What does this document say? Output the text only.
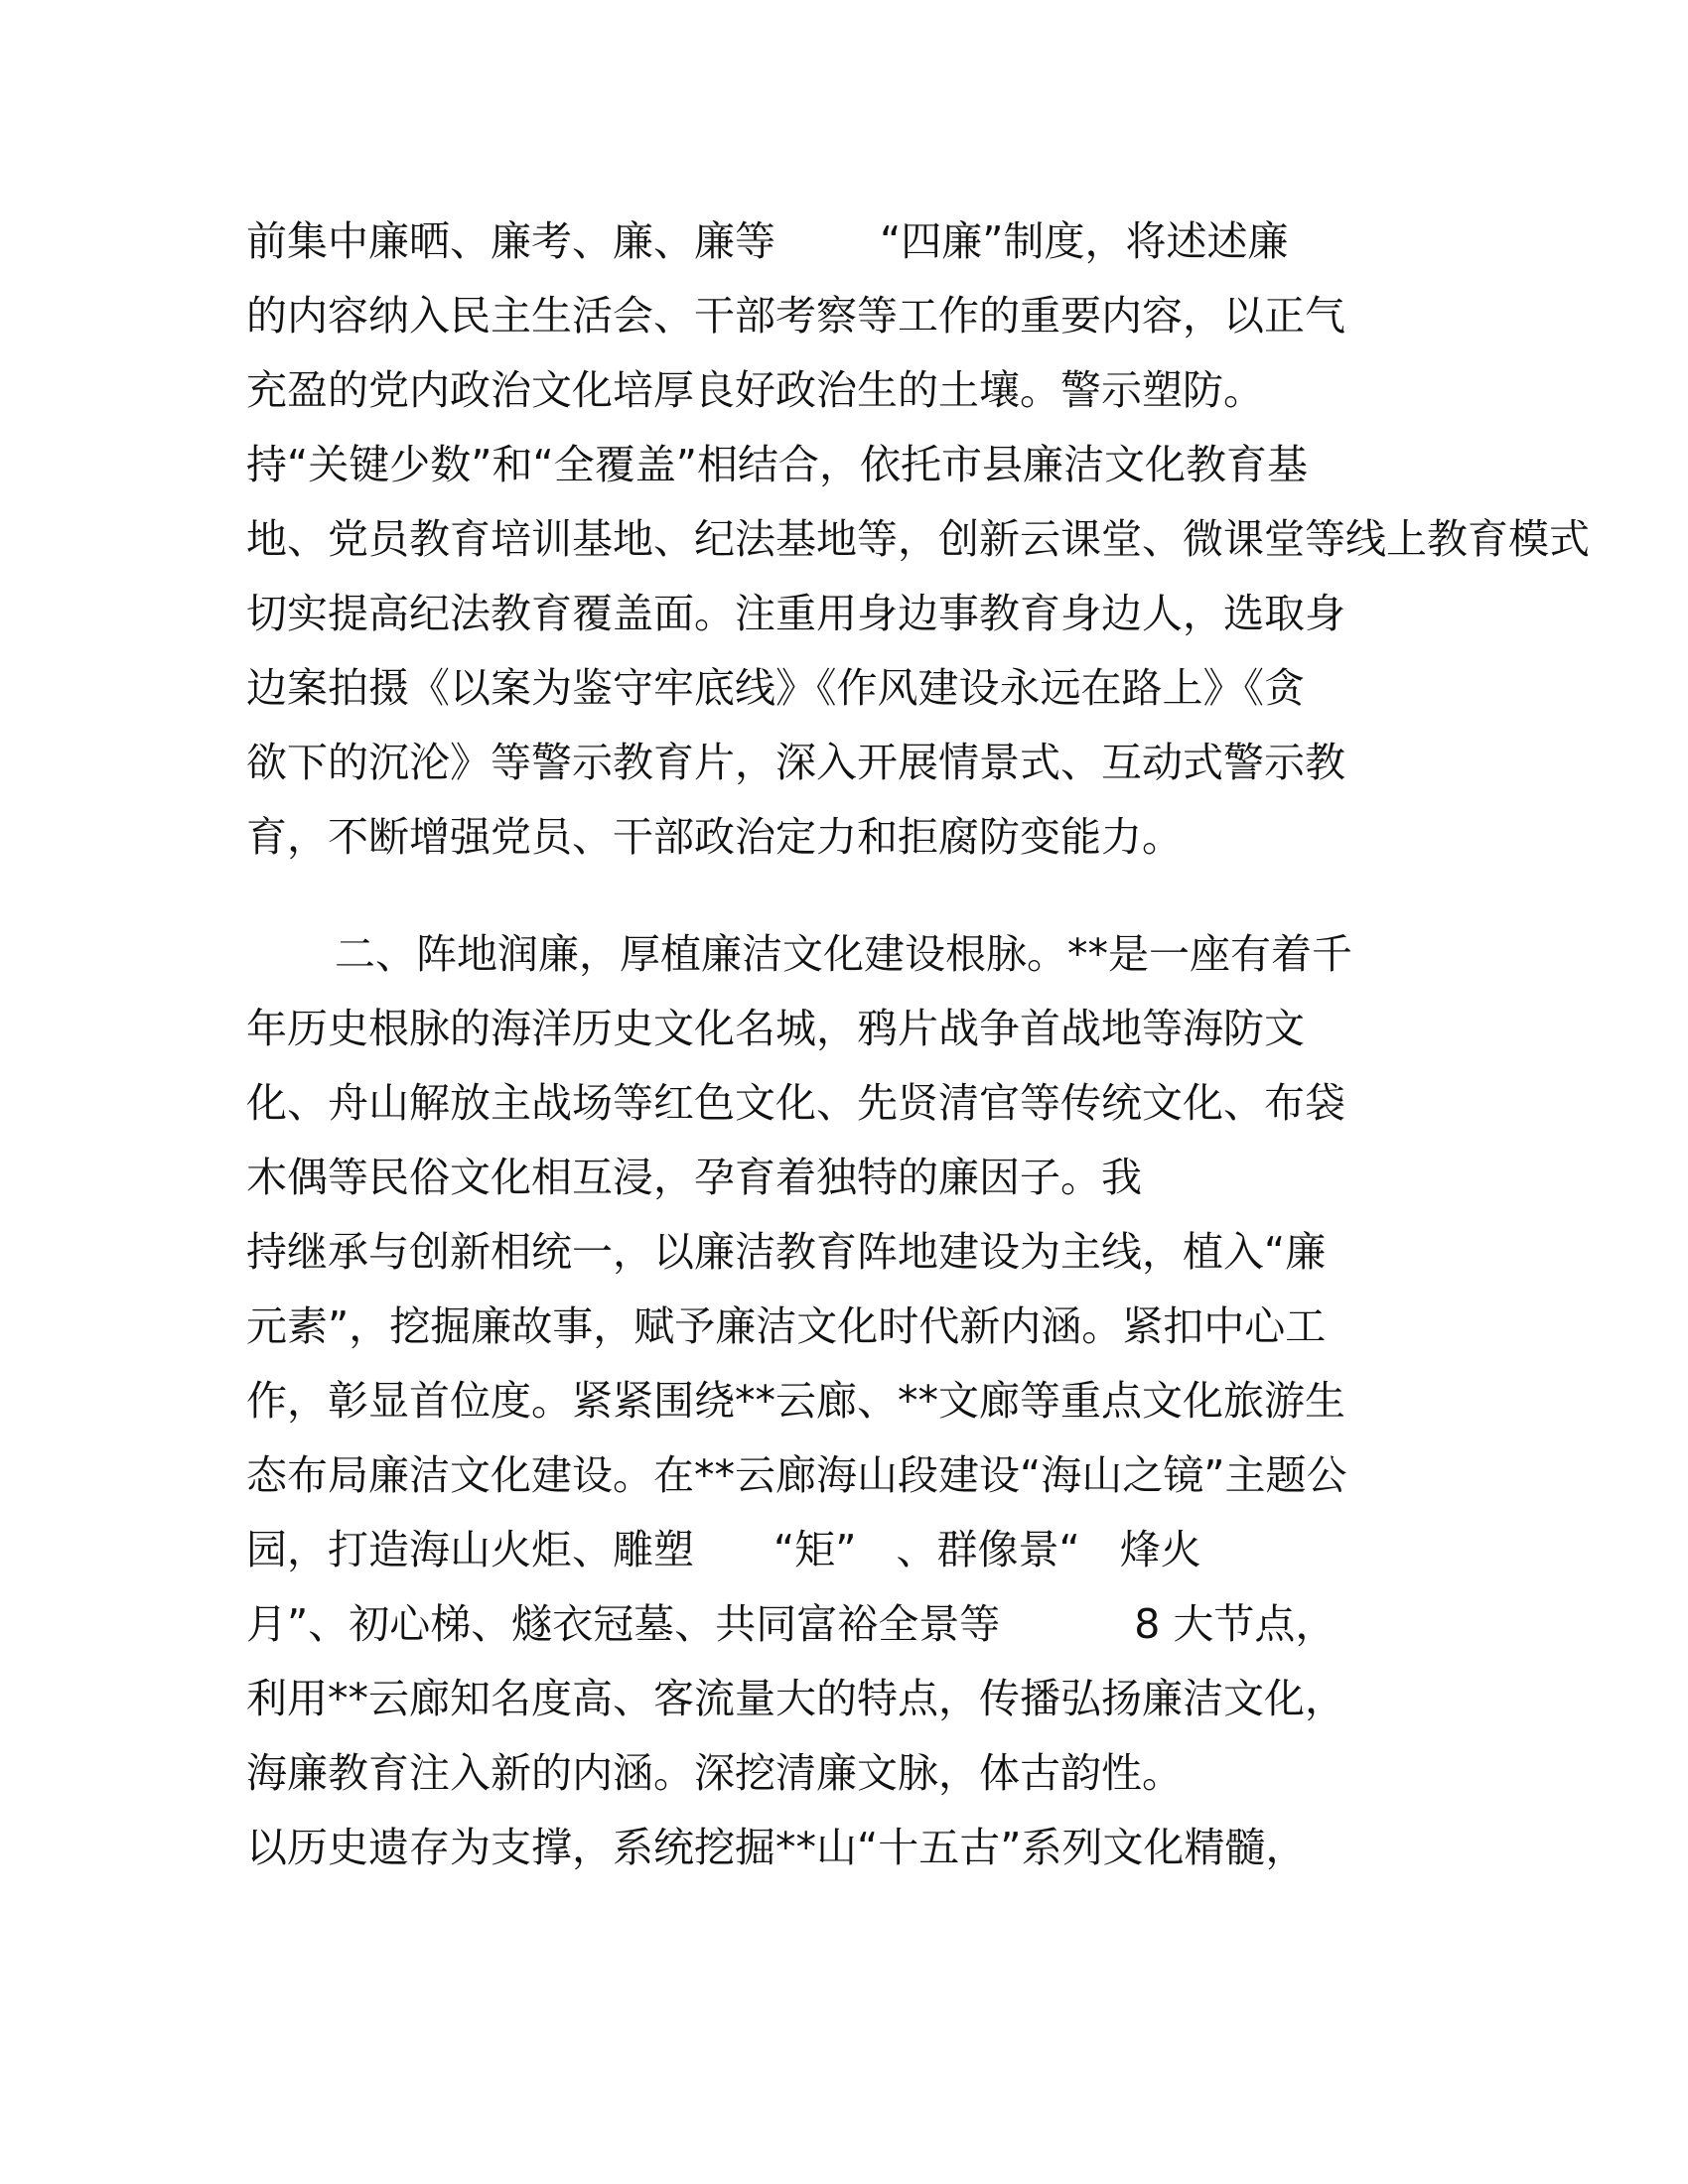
前集中廉晒、廉考、廉、廉等	“四廉”制度，将述述廉
的内容纳入民主生活会、干部考察等工作的重要内容，以正气
充盈的党内政治文化培厚良好政治生的土壤。警示塑防。
持“关键少数”和“全覆盖”相结合，依托市县廉洁文化教育基
地、党员教育培训基地、纪法基地等，创新云课堂、微课堂等线上教育模式
切实提高纪法教育覆盖面。注重用身边事教育身边人，选取身
边案拍摄《以案为鉴守牢底线》《作风建设永远在路上》《贪
欲下的沉沦》等警示教育片，深入开展情景式、互动式警示教
育，不断增强党员、干部政治定力和拒腐防变能力。
二、阵地润廉，厚植廉洁文化建设根脉。**是一座有着千
年历史根脉的海洋历史文化名城，鸦片战争首战地等海防文
化、舟山解放主战场等红色文化、先贤清官等传统文化、布袋
木偶等民俗文化相互浸，孕育着独特的廉因子。我
持继承与创新相统一，以廉洁教育阵地建设为主线，植入“廉
元素”，挖掘廉故事，赋予廉洁文化时代新内涵。紧扣中心工
作，彰显首位度。紧紧围绕**云廊、**文廊等重点文化旅游生
态布局廉洁文化建设。在**云廊海山段建设“海山之镜”主题公
园，打造海山火炬、雕塑 “矩” 、群像景“ 烽火
月”、初心梯、燧衣冠墓、共同富裕全景等	8 大节点，
利用**云廊知名度高、客流量大的特点，传播弘扬廉洁文化，
海廉教育注入新的内涵。深挖清廉文脉，体古韵性。
以历史遗存为支撑，系统挖掘**山“十五古”系列文化精髓，
